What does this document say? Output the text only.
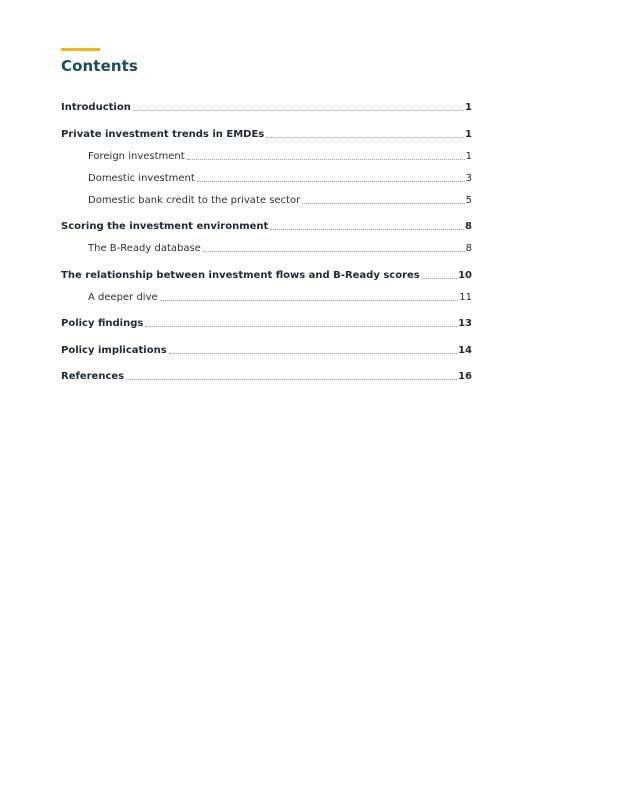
Contents
Introduction	1
Private investment trends in EMDEs	1
Foreign investment	1
Domestic investment	3
Domestic bank credit to the private sector	5
Scoring the investment environment	8
The B-Ready database	8
The relationship between investment flows and B-Ready scores	10
A deeper dive	11
Policy findings	13
Policy implications	14
References	16
